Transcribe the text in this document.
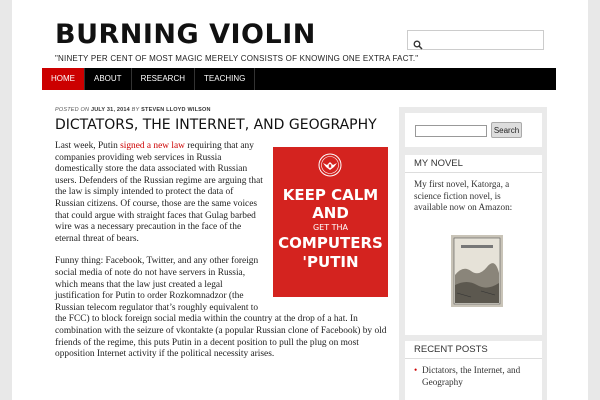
BURNING VIOLIN
"NINETY PER CENT OF MOST MAGIC MERELY CONSISTS OF KNOWING ONE EXTRA FACT."
HOME	ABOUT	RESEARCH	TEACHING
POSTED ON JULY 31, 2014 BY STEVEN LLOYD WILSON
DICTATORS, THE INTERNET, AND GEOGRAPHY
KEEP CALM
AND
GET THA
COMPUTERS
'PUTIN

Last week, Putin signed a new law requiring that any companies providing web services in Russia domestically store the data associated with Russian users. Defenders of the Russian regime are arguing that the law is simply intended to protect the data of Russian citizens. Of course, those are the same voices that could argue with straight faces that Gulag barbed wire was a necessary precaution in the face of the eternal threat of bears.

Funny thing: Facebook, Twitter, and any other foreign social media of note do not have servers in Russia, which means that the law just created a legal justification for Putin to order Rozkomnadzor (the Russian telecom regulator that’s roughly equivalent to the FCC) to block foreign social media within the country at the drop of a hat. In combination with the seizure of vkontakte (a popular Russian clone of Facebook) by old friends of the regime, this puts Putin in a decent position to pull the plug on most opposition Internet activity if the political necessity arises.

Search
MY NOVEL
My first novel, Katorga, a science fiction novel, is available now on Amazon:
RECENT POSTS
• Dictators, the Internet, and Geography
